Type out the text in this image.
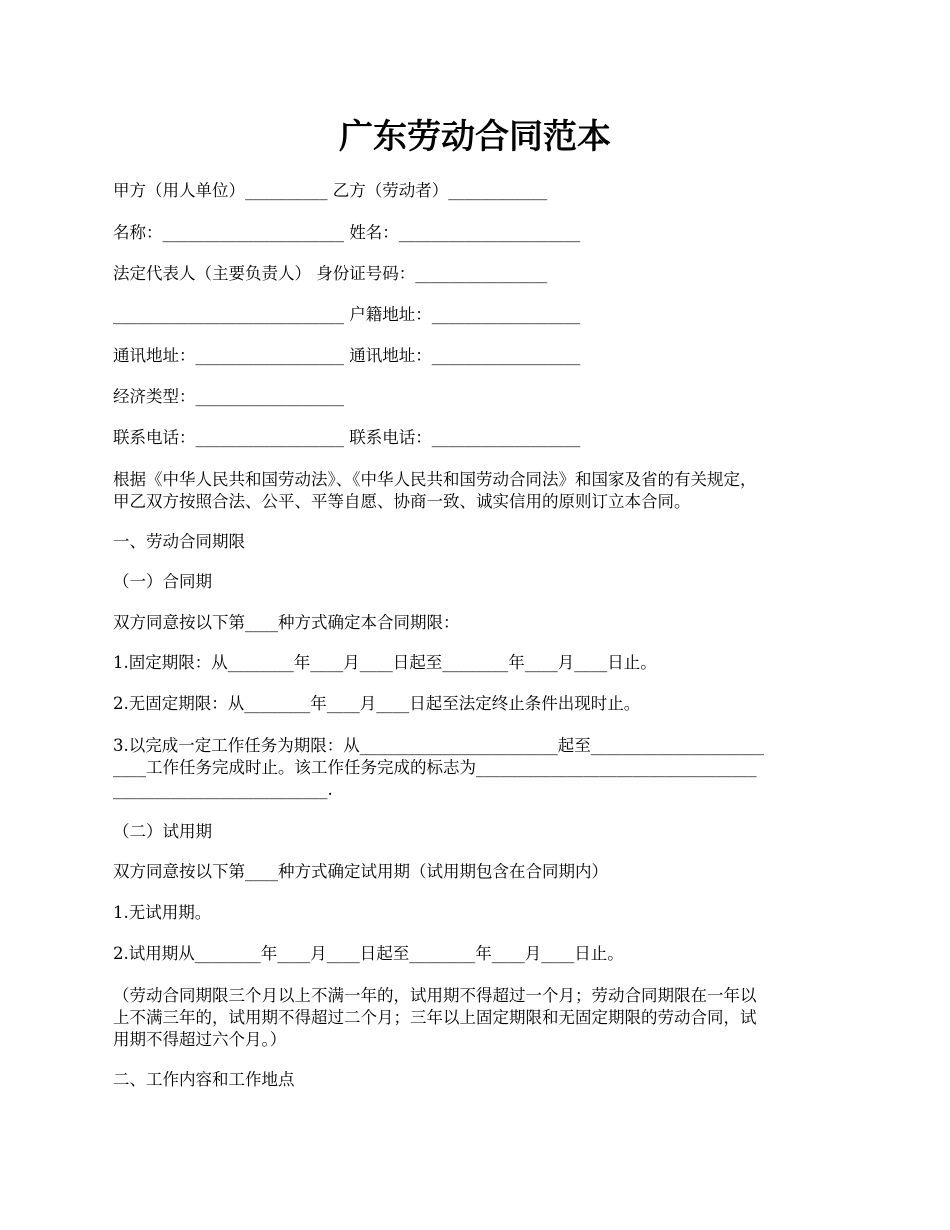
广东劳动合同范本
甲方（用人单位）__________ 乙方（劳动者）____________
名称：______________________ 姓名：______________________
法定代表人（主要负责人） 身份证号码：________________
____________________________ 户籍地址：__________________
通讯地址：__________________ 通讯地址：__________________
经济类型：__________________
联系电话：__________________ 联系电话：__________________
根据《中华人民共和国劳动法》、《中华人民共和国劳动合同法》和国家及省的有关规定，
甲乙双方按照合法、公平、平等自愿、协商一致、诚实信用的原则订立本合同。
一、劳动合同期限
（一）合同期
双方同意按以下第____种方式确定本合同期限：
1.固定期限：从________年____月____日起至________年____月____日止。
2.无固定期限：从________年____月____日起至法定终止条件出现时止。
3.以完成一定工作任务为期限：从________________________起至_____________________
____工作任务完成时止。该工作任务完成的标志为__________________________________
__________________________.
（二）试用期
双方同意按以下第____种方式确定试用期（试用期包含在合同期内）
1.无试用期。
2.试用期从________年____月____日起至________年____月____日止。
（劳动合同期限三个月以上不满一年的，试用期不得超过一个月；劳动合同期限在一年以
上不满三年的，试用期不得超过二个月；三年以上固定期限和无固定期限的劳动合同，试
用期不得超过六个月。）
二、工作内容和工作地点
